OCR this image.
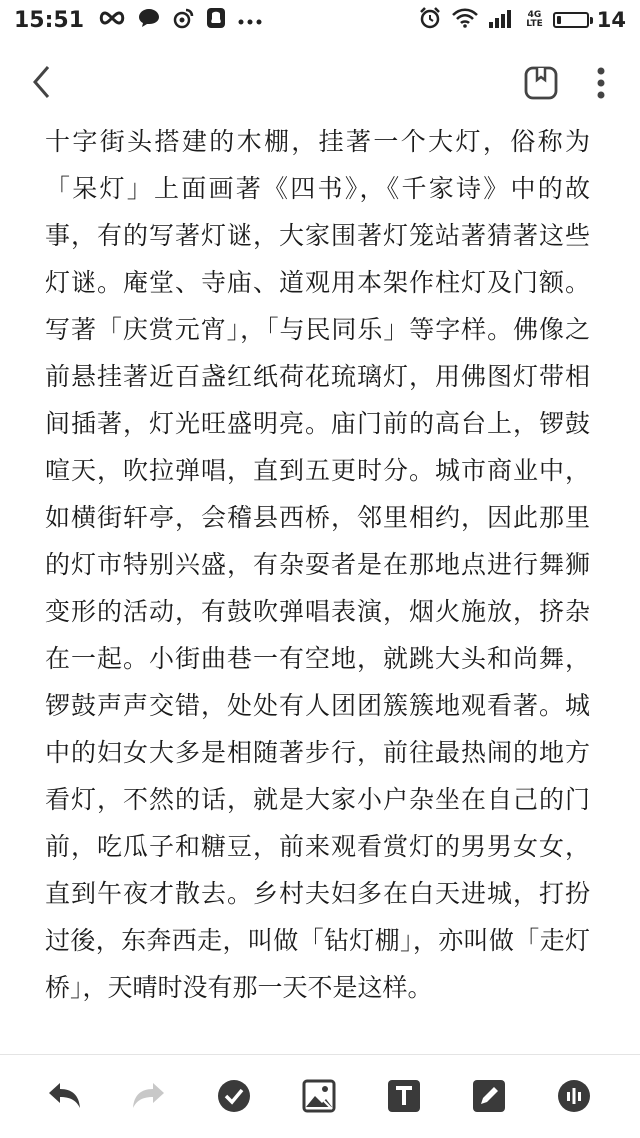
15:51	4G
LTE	14

十字街头搭建的木棚，挂著一个大灯，俗称为「呆灯」上面画著《四书》，《千家诗》中的故事，有的写著灯谜，大家围著灯笼站著猜著这些灯谜。庵堂、寺庙、道观用本架作柱灯及门额。写著「庆赏元宵」，「与民同乐」等字样。佛像之前悬挂著近百盏红纸荷花琉璃灯，用佛图灯带相间插著，灯光旺盛明亮。庙门前的高台上，锣鼓喧天，吹拉弹唱，直到五更时分。城市商业中，如横街轩亭，会稽县西桥，邻里相约，因此那里的灯市特别兴盛，有杂耍者是在那地点进行舞狮变形的活动，有鼓吹弹唱表演，烟火施放，挤杂在一起。小街曲巷一有空地，就跳大头和尚舞，锣鼓声声交错，处处有人团团簇簇地观看著。城中的妇女大多是相随著步行，前往最热闹的地方看灯，不然的话，就是大家小户杂坐在自己的门前，吃瓜子和糖豆，前来观看赏灯的男男女女，直到午夜才散去。乡村夫妇多在白天进城，打扮过後，东奔西走，叫做「钻灯棚」，亦叫做「走灯桥」，天晴时没有那一天不是这样。
